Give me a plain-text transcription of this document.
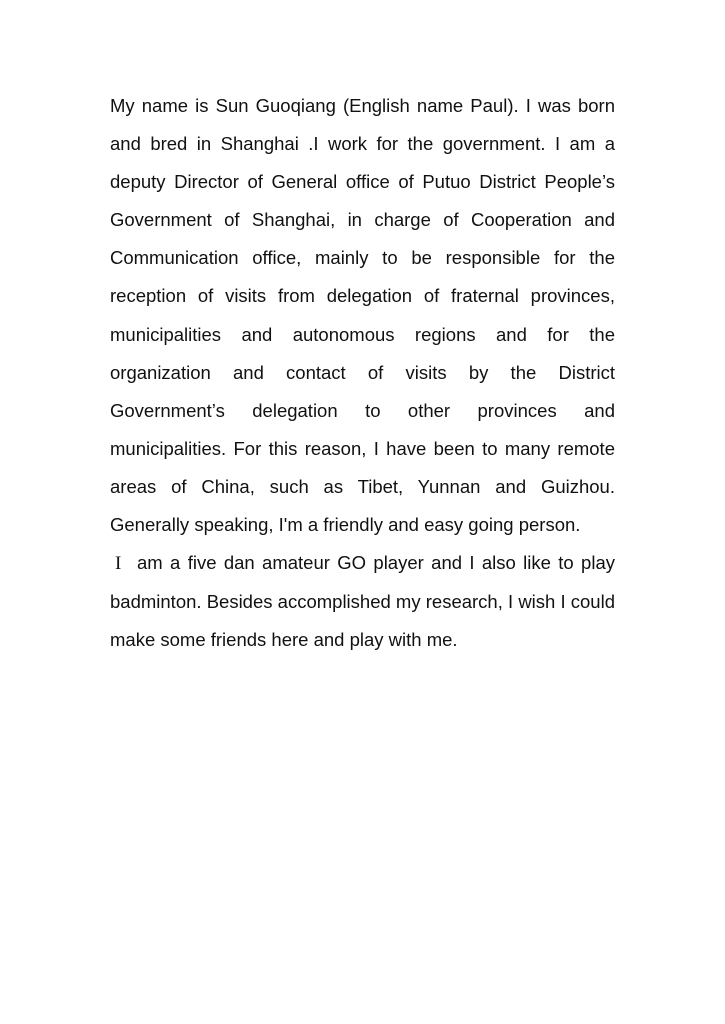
My name is Sun Guoqiang (English name Paul). I was born and bred in Shanghai .I work for the government. I am a deputy Director of General office of Putuo District People’s Government of Shanghai, in charge of Cooperation and Communication office, mainly to be responsible for the reception of visits from delegation of fraternal provinces, municipalities and autonomous regions and for the organization and contact of visits by the District Government’s delegation to other provinces and municipalities. For this reason, I have been to many remote areas of China, such as Tibet, Yunnan and Guizhou. Generally speaking, I'm a friendly and easy going person.

I am a five dan amateur GO player and I also like to play badminton. Besides accomplished my research, I wish I could make some friends here and play with me.
